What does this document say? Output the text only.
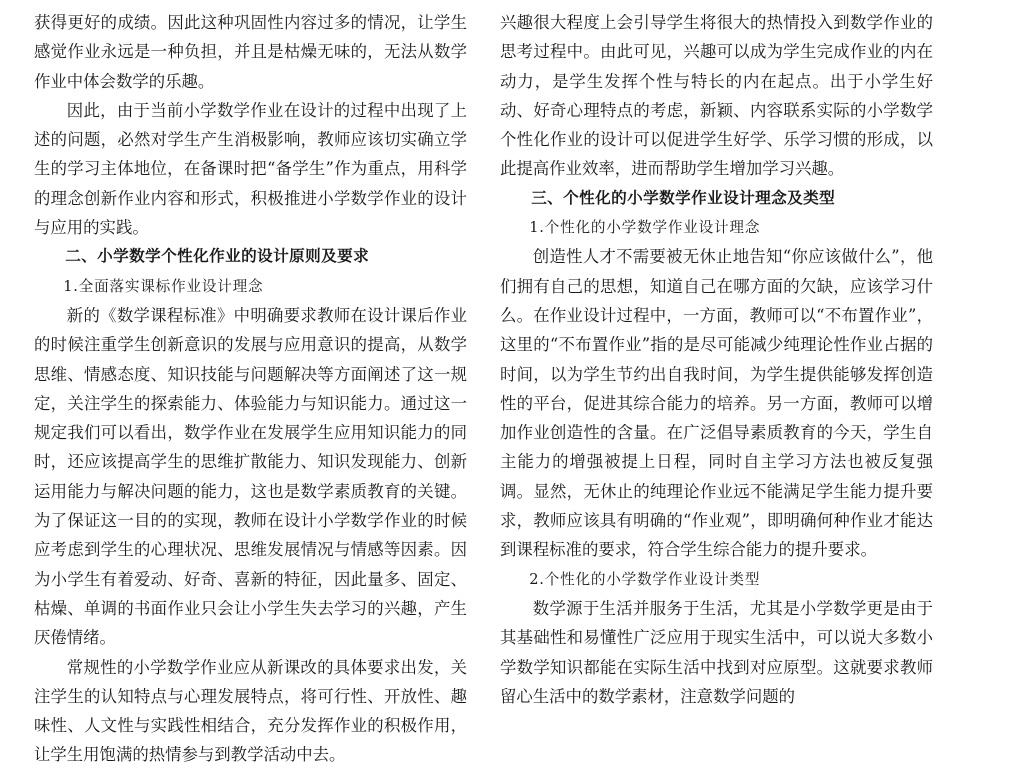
获得更好的成绩。因此这种巩固性内容过多的情况，让学生感觉作业永远是一种负担，并且是枯燥无味的，无法从数学作业中体会数学的乐趣。

因此，由于当前小学数学作业在设计的过程中出现了上述的问题，必然对学生产生消极影响，教师应该切实确立学生的学习主体地位，在备课时把“备学生”作为重点，用科学的理念创新作业内容和形式，积极推进小学数学作业的设计与应用的实践。

二、小学数学个性化作业的设计原则及要求

1.全面落实课标作业设计理念

新的《数学课程标准》中明确要求教师在设计课后作业的时候注重学生创新意识的发展与应用意识的提高，从数学思维、情感态度、知识技能与问题解决等方面阐述了这一规定，关注学生的探索能力、体验能力与知识能力。通过这一规定我们可以看出，数学作业在发展学生应用知识能力的同时，还应该提高学生的思维扩散能力、知识发现能力、创新运用能力与解决问题的能力，这也是数学素质教育的关键。为了保证这一目的的实现，教师在设计小学数学作业的时候应考虑到学生的心理状况、思维发展情况与情感等因素。因为小学生有着爱动、好奇、喜新的特征，因此量多、固定、枯燥、单调的书面作业只会让小学生失去学习的兴趣，产生厌倦情绪。

常规性的小学数学作业应从新课改的具体要求出发，关注学生的认知特点与心理发展特点，将可行性、开放性、趣味性、人文性与实践性相结合，充分发挥作业的积极作用，让学生用饱满的热情参与到教学活动中去。

兴趣很大程度上会引导学生将很大的热情投入到数学作业的思考过程中。由此可见，兴趣可以成为学生完成作业的内在动力，是学生发挥个性与特长的内在起点。出于小学生好动、好奇心理特点的考虑，新颖、内容联系实际的小学数学个性化作业的设计可以促进学生好学、乐学习惯的形成，以此提高作业效率，进而帮助学生增加学习兴趣。

三、个性化的小学数学作业设计理念及类型

1.个性化的小学数学作业设计理念

创造性人才不需要被无休止地告知“你应该做什么”，他们拥有自己的思想，知道自己在哪方面的欠缺，应该学习什么。在作业设计过程中，一方面，教师可以“不布置作业”，这里的“不布置作业”指的是尽可能减少纯理论性作业占据的时间，以为学生节约出自我时间，为学生提供能够发挥创造性的平台，促进其综合能力的培养。另一方面，教师可以增加作业创造性的含量。在广泛倡导素质教育的今天，学生自主能力的增强被提上日程，同时自主学习方法也被反复强调。显然，无休止的纯理论作业远不能满足学生能力提升要求，教师应该具有明确的“作业观”，即明确何种作业才能达到课程标准的要求，符合学生综合能力的提升要求。

2.个性化的小学数学作业设计类型

数学源于生活并服务于生活，尤其是小学数学更是由于其基础性和易懂性广泛应用于现实生活中，可以说大多数小学数学知识都能在实际生活中找到对应原型。这就要求教师留心生活中的数学素材，注意数学问题的
